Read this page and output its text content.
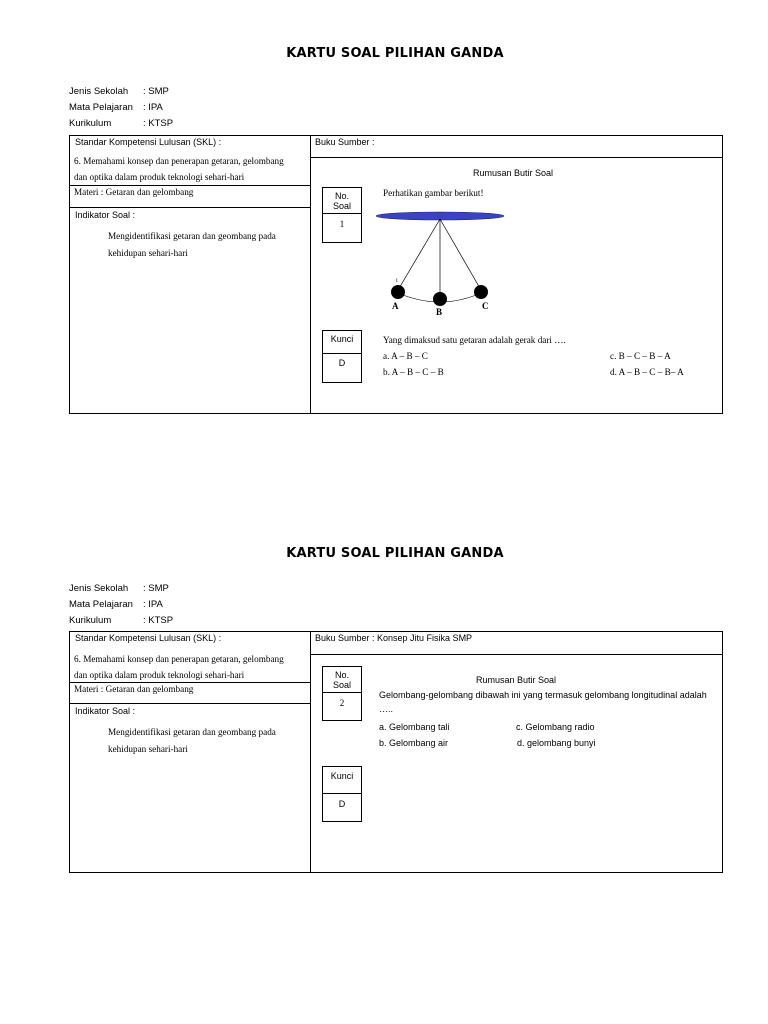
KARTU SOAL PILIHAN GANDA
Jenis Sekolah	: SMP
Mata Pelajaran	: IPA
Kurikulum	: KTSP
Standar Kompetensi Lulusan (SKL) :
6. Memahami konsep dan penerapan getaran, gelombang
dan optika dalam produk teknologi sehari-hari
Materi : Getaran dan gelombang
Indikator Soal :
Mengidentifikasi getaran dan geombang pada
kehidupan sehari-hari
Buku Sumber :
Rumusan Butir Soal
No. Soal
1
Perhatikan gambar berikut!
i
A
B
C
Kunci
D
Yang dimaksud satu getaran adalah gerak dari ….
a. A – B – C
b. A – B – C – B
c. B – C – B – A
d. A – B – C – B– A
KARTU SOAL PILIHAN GANDA
Jenis Sekolah	: SMP
Mata Pelajaran	: IPA
Kurikulum	: KTSP
Standar Kompetensi Lulusan (SKL) :
6. Memahami konsep dan penerapan getaran, gelombang
dan optika dalam produk teknologi sehari-hari
Materi : Getaran dan gelombang
Indikator Soal :
Mengidentifikasi getaran dan geombang pada
kehidupan sehari-hari
Buku Sumber : Konsep Jitu Fisika SMP
No. Soal
2
Rumusan Butir Soal
Gelombang-gelombang dibawah ini yang termasuk gelombang longitudinal adalah
…..
a. Gelombang tali
b. Gelombang air
c. Gelombang radio
d. gelombang bunyi
Kunci
D
